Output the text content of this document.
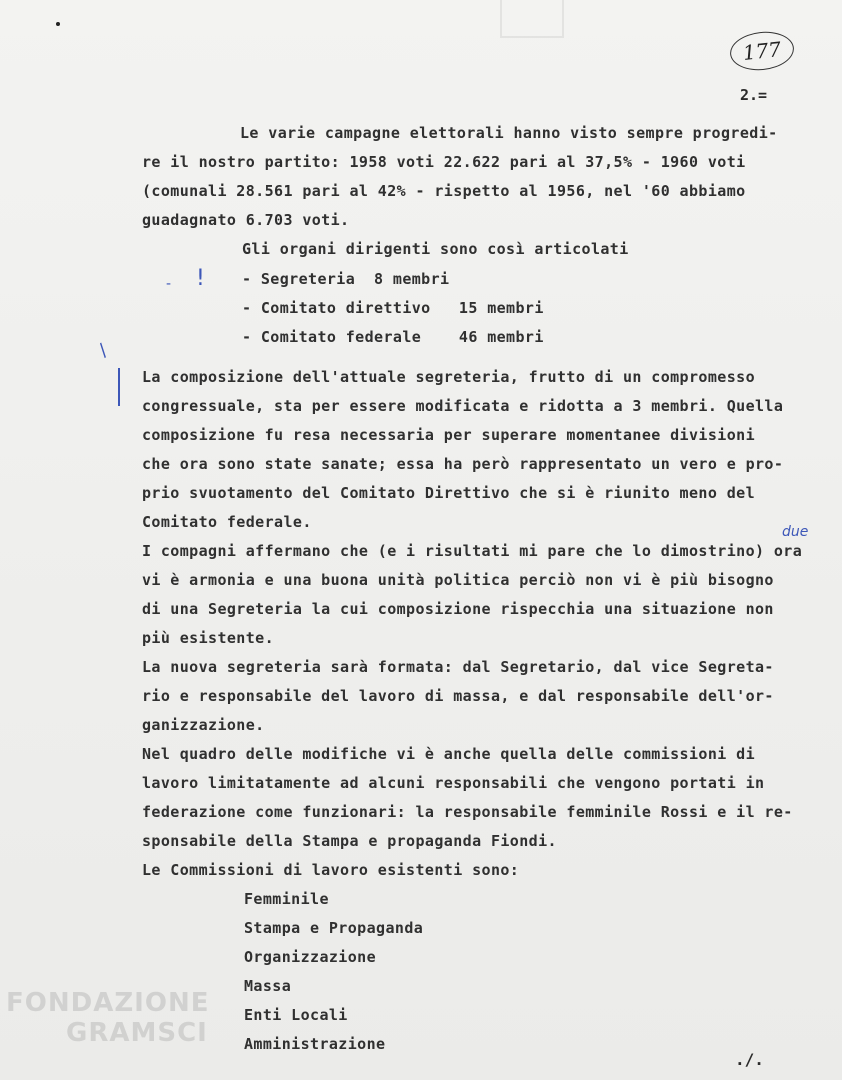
177
2.=
Le varie campagne elettorali hanno visto sempre progredi-
re il nostro partito: 1958 voti 22.622 pari al 37,5% - 1960 voti
(comunali 28.561 pari al 42% - rispetto al 1956, nel '60 abbiamo
guadagnato 6.703 voti.
Gli organi dirigenti sono così articolati
- Segreteria  8 membri
- Comitato direttivo   15 membri
- Comitato federale    46 membri
La composizione dell'attuale segreteria, frutto di un compromesso
congressuale, sta per essere modificata e ridotta a 3 membri. Quella
composizione fu resa necessaria per superare momentanee divisioni
che ora sono state sanate; essa ha però rappresentato un vero e pro-
prio svuotamento del Comitato Direttivo che si è riunito meno del
Comitato federale.
I compagni affermano che (e i risultati mi pare che lo dimostrino) ora
vi è armonia e una buona unità politica perciò non vi è più bisogno
di una Segreteria la cui composizione rispecchia una situazione non
più esistente.
La nuova segreteria sarà formata: dal Segretario, dal vice Segreta-
rio e responsabile del lavoro di massa, e dal responsabile dell'or-
ganizzazione.
Nel quadro delle modifiche vi è anche quella delle commissioni di
lavoro limitatamente ad alcuni responsabili che vengono portati in
federazione come funzionari: la responsabile femminile Rossi e il re-
sponsabile della Stampa e propaganda Fiondi.
Le Commissioni di lavoro esistenti sono:
Femminile
Stampa e Propaganda
Organizzazione
Massa
Enti Locali
Amministrazione
!
-
/
due
./.
FONDAZIONE
GRAMSCI
